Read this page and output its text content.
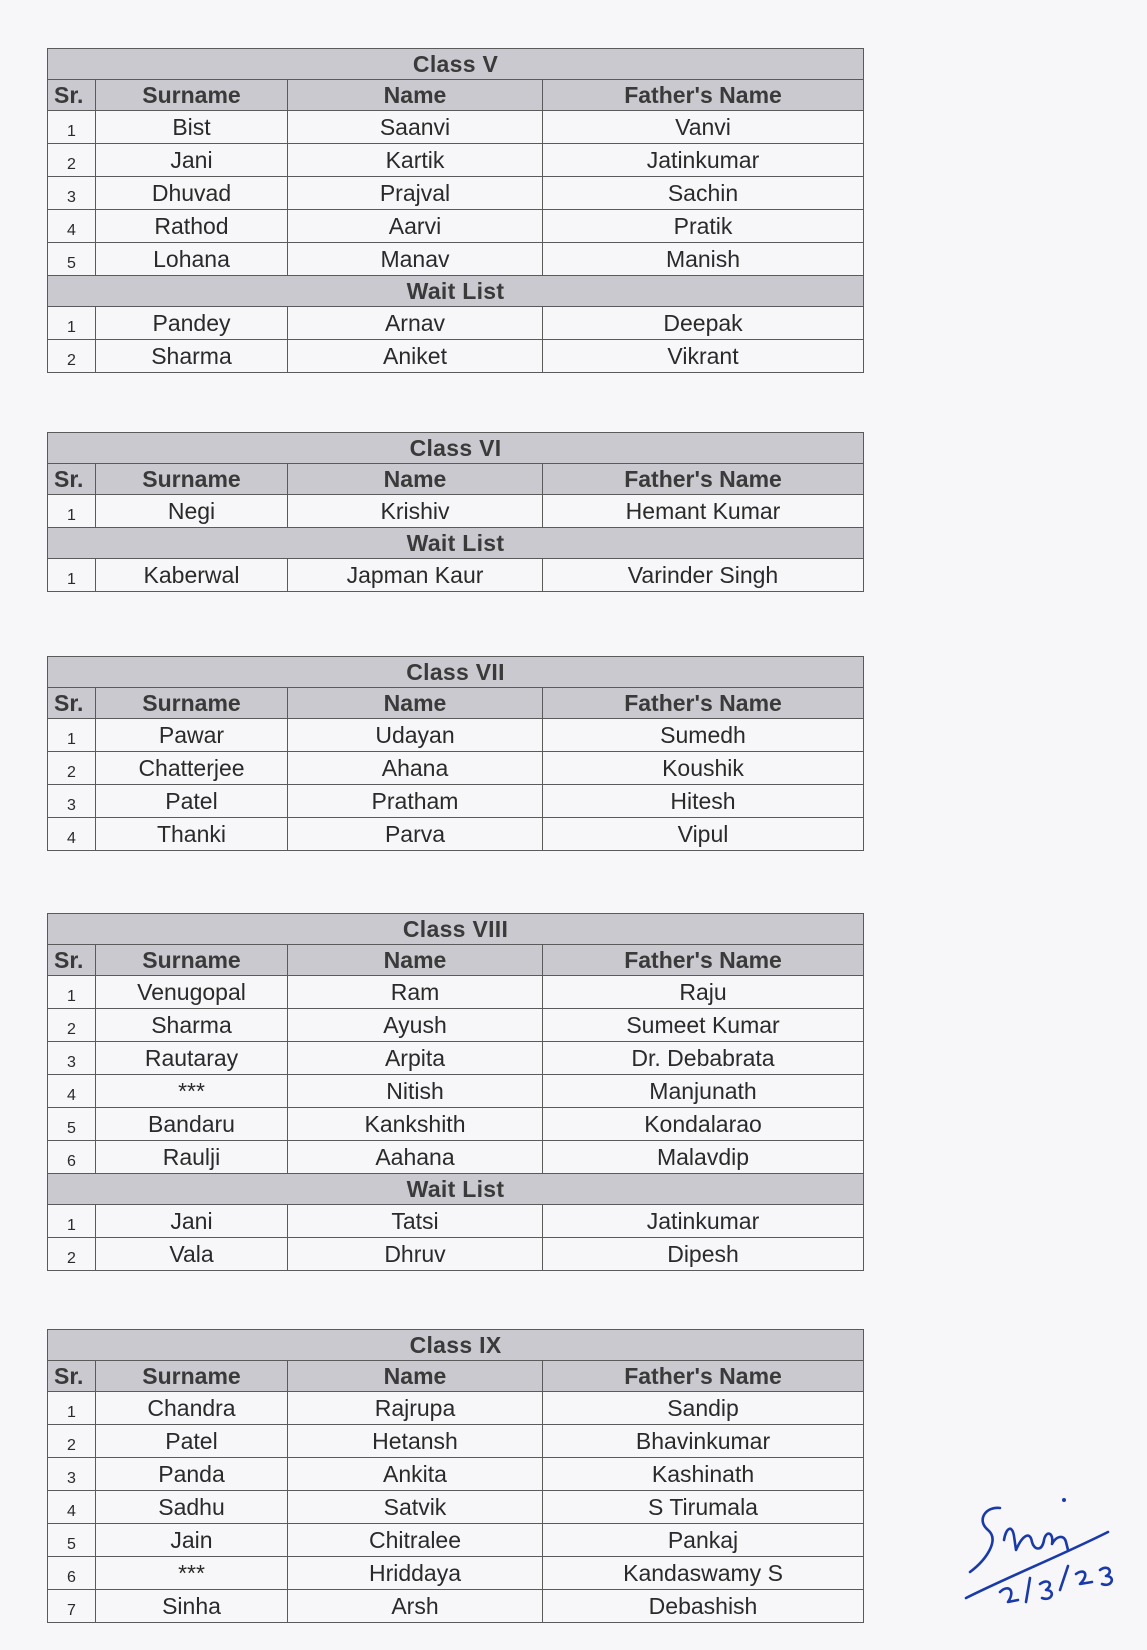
Class V			
Sr.	Surname	Name	Father's Name
1	Bist	Saanvi	Vanvi
2	Jani	Kartik	Jatinkumar
3	Dhuvad	Prajval	Sachin
4	Rathod	Aarvi	Pratik
5	Lohana	Manav	Manish
Wait List			
1	Pandey	Arnav	Deepak
2	Sharma	Aniket	Vikrant
Class VI			
Sr.	Surname	Name	Father's Name
1	Negi	Krishiv	Hemant Kumar
Wait List			
1	Kaberwal	Japman Kaur	Varinder Singh
Class VII			
Sr.	Surname	Name	Father's Name
1	Pawar	Udayan	Sumedh
2	Chatterjee	Ahana	Koushik
3	Patel	Pratham	Hitesh
4	Thanki	Parva	Vipul
Class VIII			
Sr.	Surname	Name	Father's Name
1	Venugopal	Ram	Raju
2	Sharma	Ayush	Sumeet Kumar
3	Rautaray	Arpita	Dr. Debabrata
4	***	Nitish	Manjunath
5	Bandaru	Kankshith	Kondalarao
6	Raulji	Aahana	Malavdip
Wait List			
1	Jani	Tatsi	Jatinkumar
2	Vala	Dhruv	Dipesh
Class IX			
Sr.	Surname	Name	Father's Name
1	Chandra	Rajrupa	Sandip
2	Patel	Hetansh	Bhavinkumar
3	Panda	Ankita	Kashinath
4	Sadhu	Satvik	S Tirumala
5	Jain	Chitralee	Pankaj
6	***	Hriddaya	Kandaswamy S
7	Sinha	Arsh	Debashish
